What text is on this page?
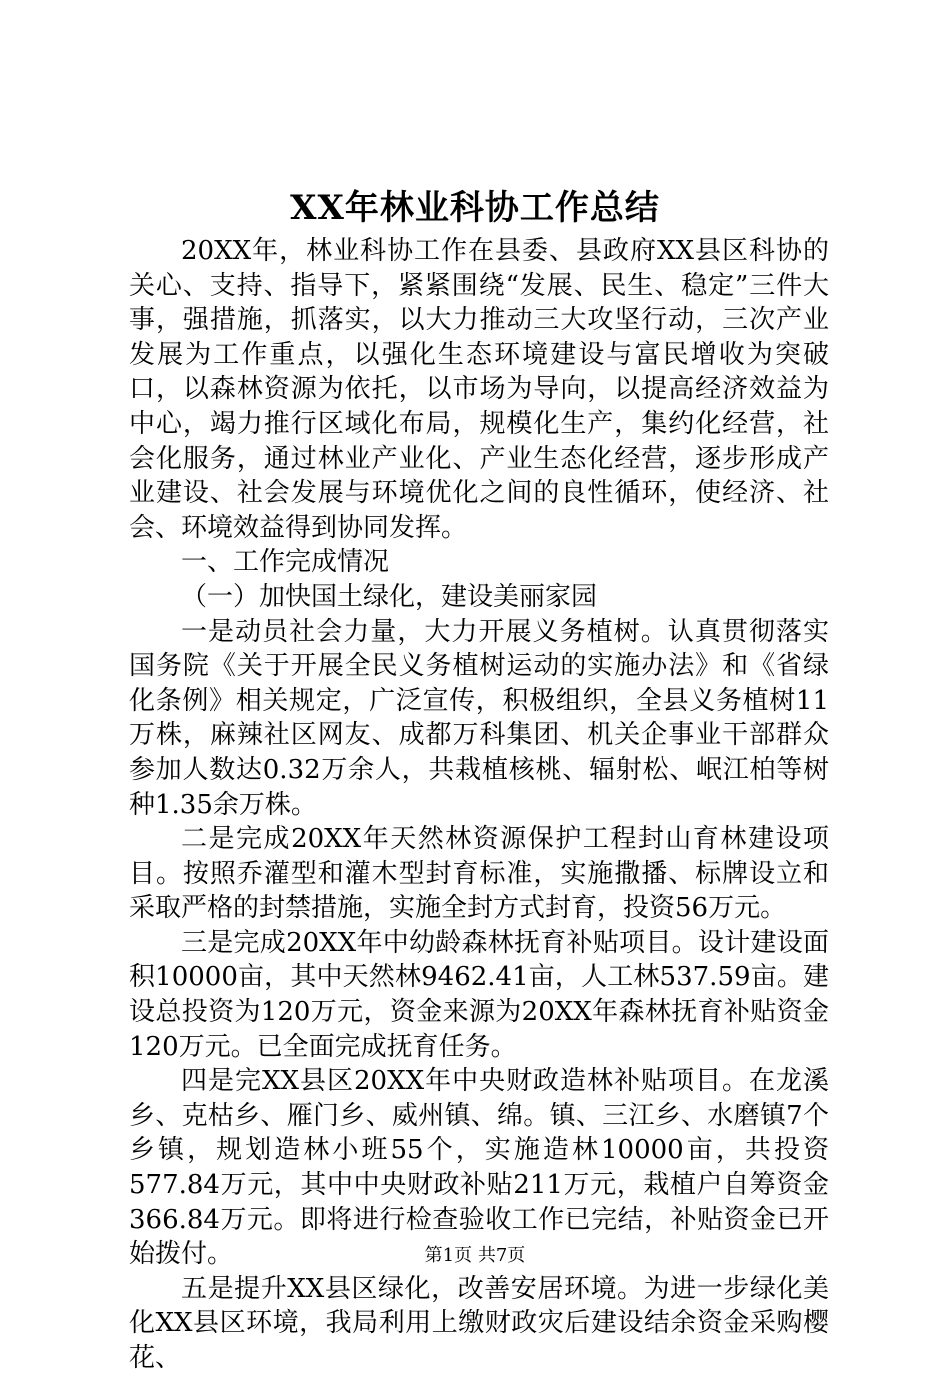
XX年林业科协工作总结

20XX年，林业科协工作在县委、县政府XX县区科协的关心、支持、指导下，紧紧围绕“发展、民生、稳定”三件大事，强措施，抓落实，以大力推动三大攻坚行动，三次产业发展为工作重点，以强化生态环境建设与富民增收为突破口，以森林资源为依托，以市场为导向，以提高经济效益为中心，竭力推行区域化布局，规模化生产，集约化经营，社会化服务，通过林业产业化、产业生态化经营，逐步形成产业建设、社会发展与环境优化之间的良性循环，使经济、社会、环境效益得到协同发挥。

一、工作完成情况

（一）加快国土绿化，建设美丽家园

一是动员社会力量，大力开展义务植树。认真贯彻落实国务院《关于开展全民义务植树运动的实施办法》和《省绿化条例》相关规定，广泛宣传，积极组织，全县义务植树11万株，麻辣社区网友、成都万科集团、机关企事业干部群众参加人数达0.32万余人，共栽植核桃、辐射松、岷江柏等树种1.35余万株。

二是完成20XX年天然林资源保护工程封山育林建设项目。按照乔灌型和灌木型封育标准，实施撒播、标牌设立和采取严格的封禁措施，实施全封方式封育，投资56万元。

三是完成20XX年中幼龄森林抚育补贴项目。设计建设面积10000亩，其中天然林9462.41亩，人工林537.59亩。建设总投资为120万元，资金来源为20XX年森林抚育补贴资金120万元。已全面完成抚育任务。

四是完XX县区20XX年中央财政造林补贴项目。在龙溪乡、克枯乡、雁门乡、威州镇、绵。镇、三江乡、水磨镇7个乡镇，规划造林小班55个，实施造林10000亩，共投资577.84万元，其中中央财政补贴211万元，栽植户自筹资金366.84万元。即将进行检查验收工作已完结，补贴资金已开始拨付。

五是提升XX县区绿化，改善安居环境。为进一步绿化美化XX县区环境，我局利用上缴财政灾后建设结余资金采购樱花、

第1页 共7页
